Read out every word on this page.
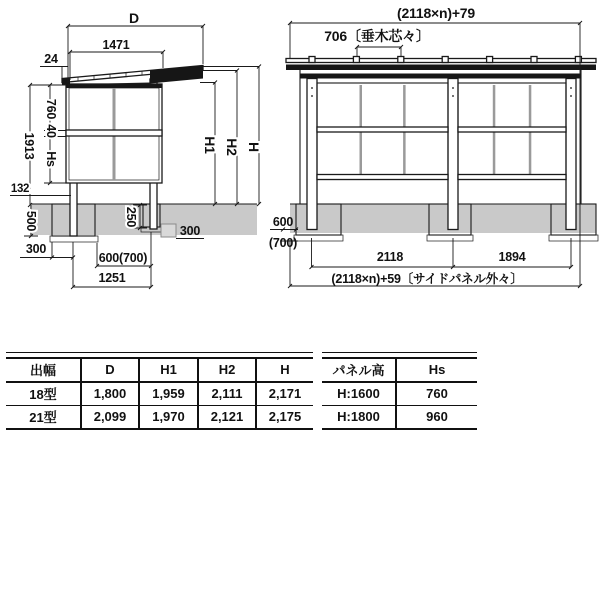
D
1471
24
1913
760
40
Hs
132
500
300
250
300
600(700)
1251
H1 H2 H
(2118×n)+79
706〔垂木芯々〕
600
(700)
2118	1894
(2118×n)+59〔サイドパネル外々〕
出幅	D	H1	H2	H
18型	1,800	1,959	2,111	2,171
21型	2,099	1,970	2,121	2,175
パネル高	Hs
H:1600	760
H:1800	960
